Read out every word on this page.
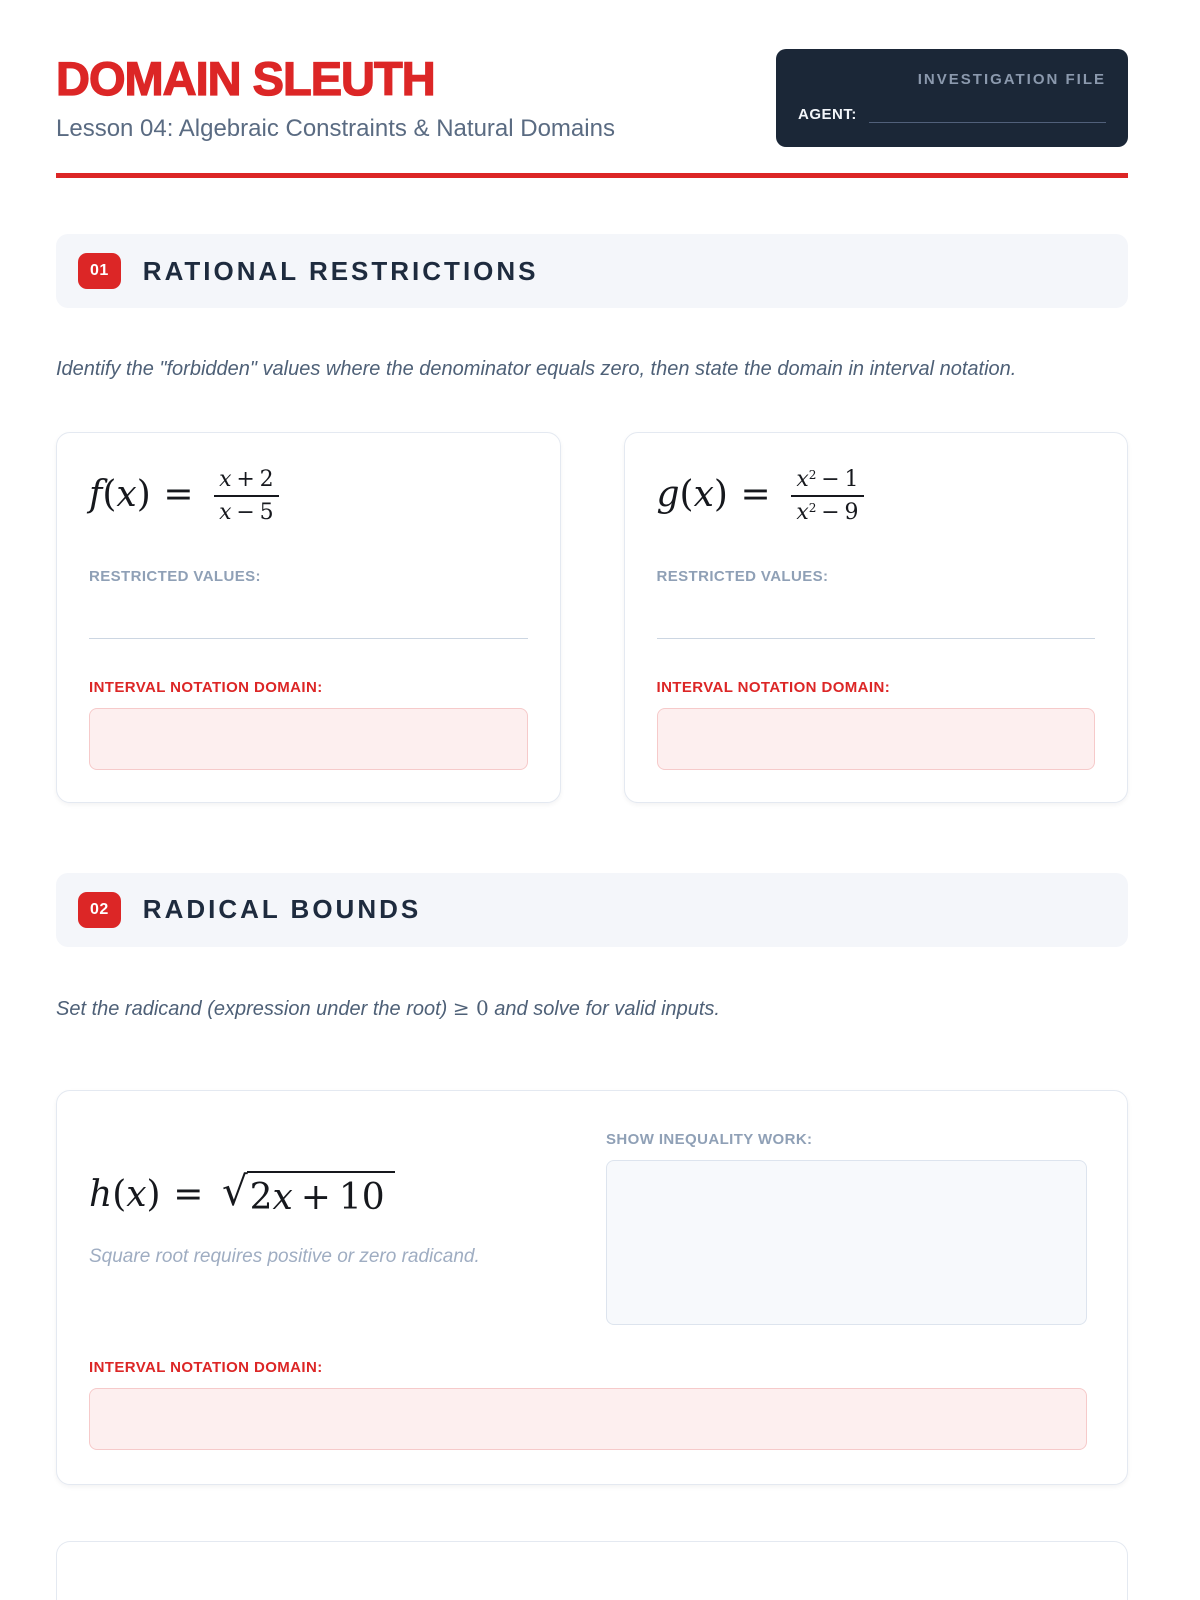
DOMAIN SLEUTH
Lesson 04: Algebraic Constraints & Natural Domains
INVESTIGATION FILE
AGENT:
01	RATIONAL RESTRICTIONS

Identify the "forbidden" values where the denominator equals zero, then state the domain in interval notation.

$f(x) = \frac{x + 2}{x - 5}$
RESTRICTED VALUES:
INTERVAL NOTATION DOMAIN:
$g(x) = \frac{x^2 - 1}{x^2 - 9}$
RESTRICTED VALUES:
INTERVAL NOTATION DOMAIN:
02	RADICAL BOUNDS

Set the radicand (expression under the root) ≥ 0 and solve for valid inputs.

h(x) = √ 2x + 10
Square root requires positive or zero radicand.
SHOW INEQUALITY WORK:
INTERVAL NOTATION DOMAIN:
